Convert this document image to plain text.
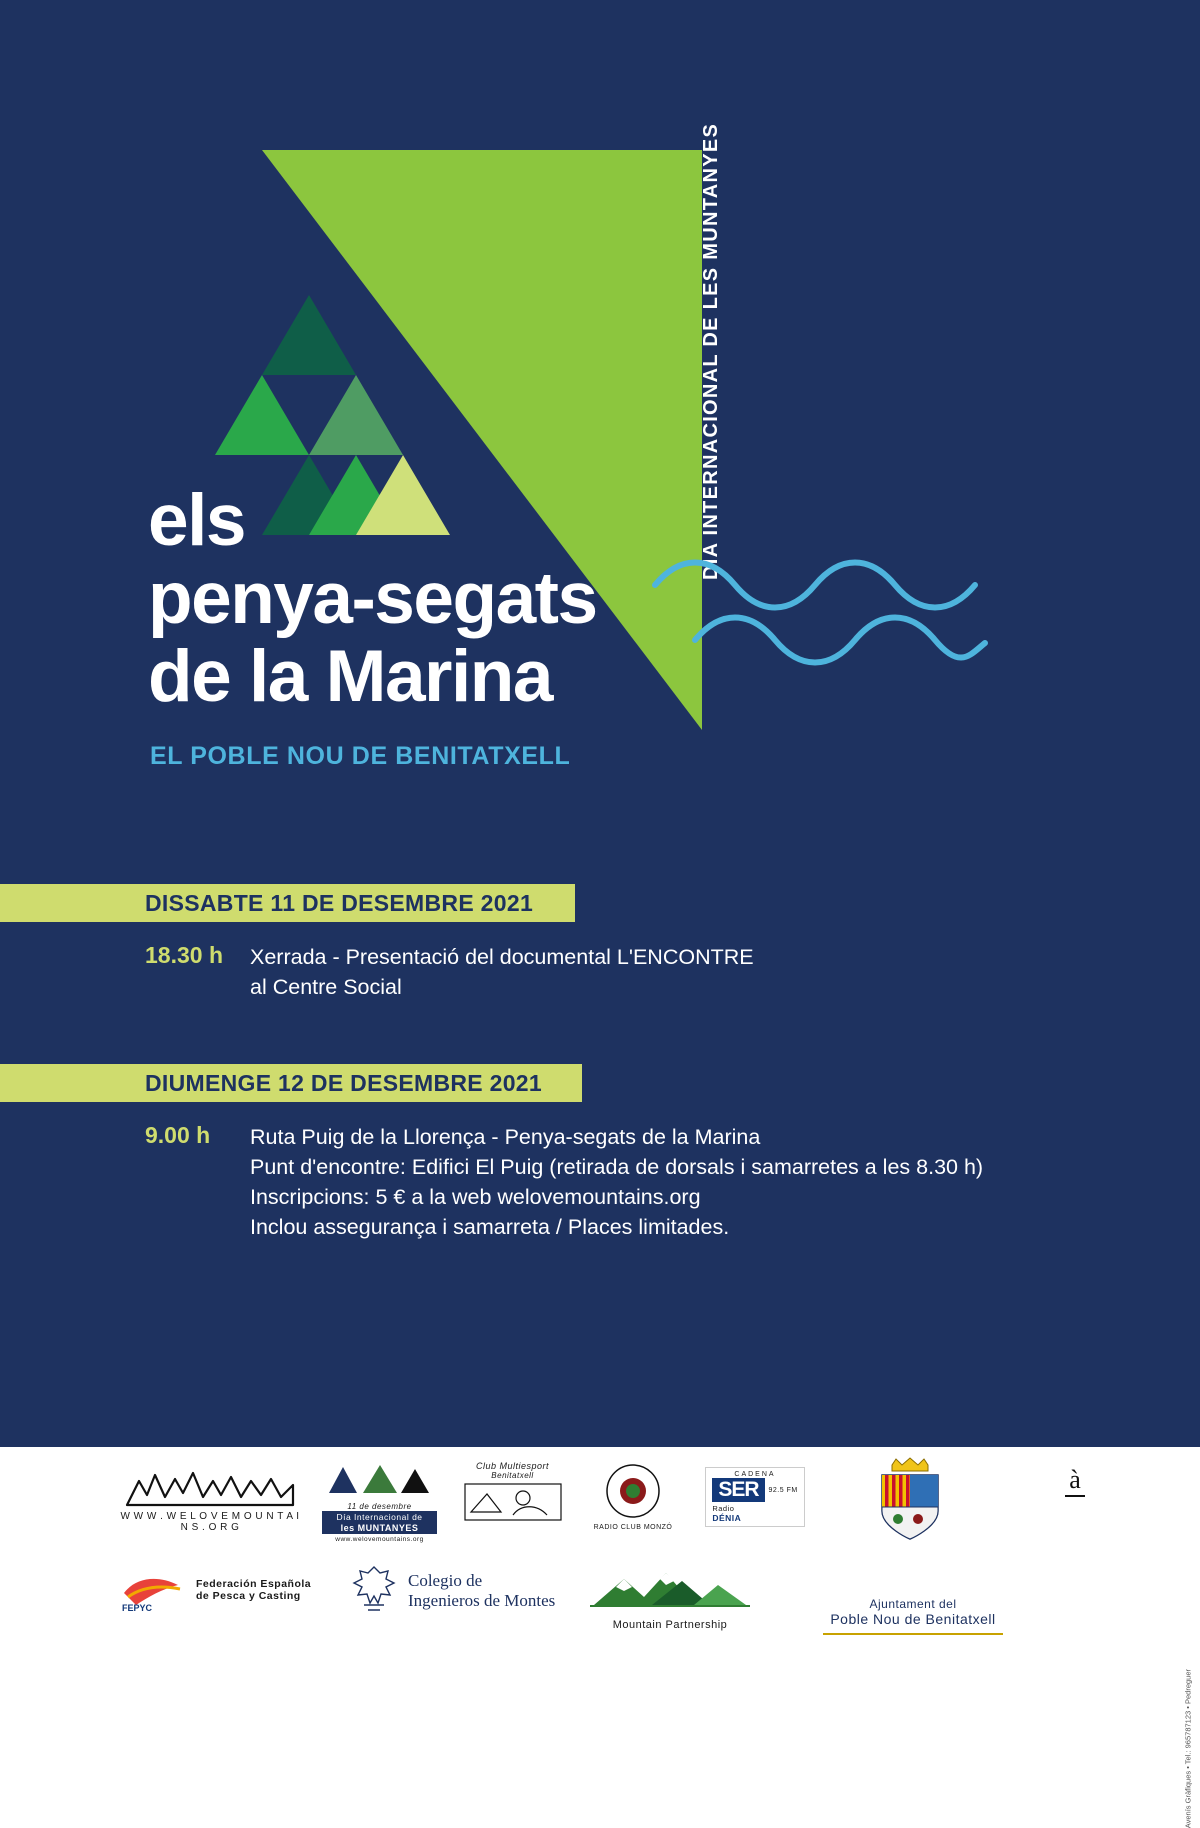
DIA INTERNACIONAL DE LES MUNTANYES
els
penya-segats
de la Marina
EL POBLE NOU DE BENITATXELL
DISSABTE 11 DE DESEMBRE 2021
18.30 h Xerrada - Presentació del documental L'ENCONTRE
al Centre Social
DIUMENGE 12 DE DESEMBRE 2021
9.00 h Ruta Puig de la Llorença - Penya-segats de la Marina
Punt d'encontre: Edifici El Puig (retirada de dorsals i samarretes a les 8.30 h)
Inscripcions: 5 € a la web welovemountains.org
Inclou assegurança i samarreta / Places limitades.
W W W . W E L O V E M O U N T A I N S . O R G
11 de desembre
Día Internacional de
les MUNTANYES
www.welovemountains.org
Club Multiesport
Benitatxell
RADIO CLUB MONZÓ
CADENA
SER	92.5 FM
Radio
DÉNIA
à
FEPYC
Federación Española
de Pesca y Casting
Colegio de
Ingenieros de Montes
Mountain Partnership
Ajuntament del
Poble Nou de Benitatxell
Avenís Gràfiques • Tel.: 965787123 • Pedreguer
